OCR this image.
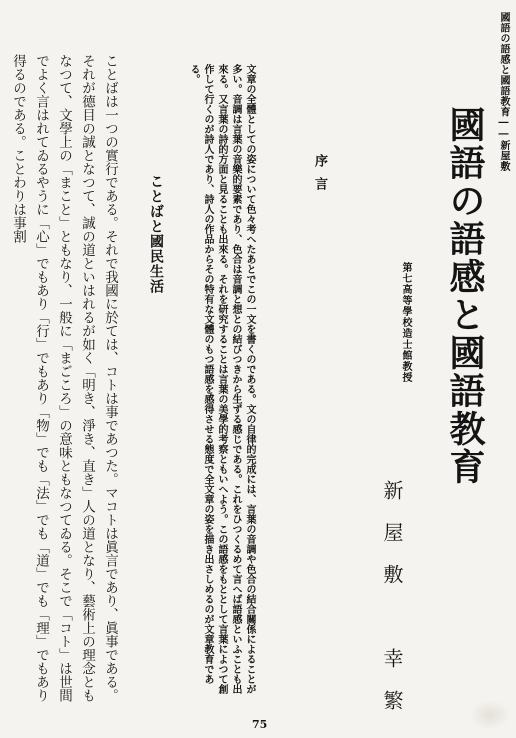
國語の語感と國語教育――新屋敷
國語の語感と國語教育
第七高等學校造士館教授
新屋敷　幸繁
序言
文章の全體としての姿について色々考へたあとでこの一文を書くのである。文の自律的完成には、言葉の音調や色合の結合關係によることが多い。音調は言葉の音樂的要素であり、色合は音調と想との結びつきから生ずる感じである。これをひつくるめて言へば語感といふことも出來る。又言葉の詩的方面と見ることも出來る。それを研究することは言葉の美學的考察ともいへよう。この語感をもととして言葉によつて創作して行くのが詩人であり、詩人の作品からその特有な文體のもつ語感を感得させる態度で全文章の姿を描き出さしめるのが文章教育である。
ことばと國民生活
ことばは一つの實行である。それで我國に於ては、コトは事であつた。マコトは眞言であり、眞事である。それが德目の誠となつて、誠の道といはれるが如く「明き、淨き、直き」人の道となり、藝術上の理念ともなつて、文學上の「まこと」ともなり、一般に「まごころ」の意味ともなつてゐる。そこで「コト」は世間でよく言はれてゐるやうに「心」でもあり「行」でもあり「物」でも「法」でも「道」でも「理」でもあり得るのである。ことわりは事割
75
